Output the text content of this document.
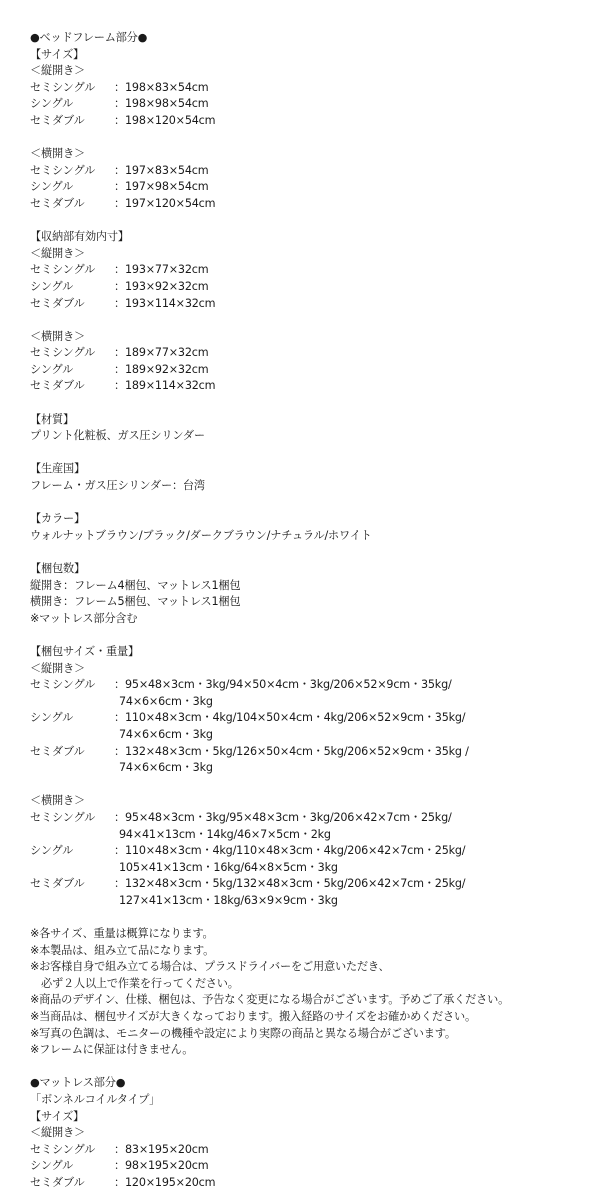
●ベッドフレーム部分●
【サイズ】
＜縦開き＞
セミシングル	：198×83×54cm
シングル	：198×98×54cm
セミダブル	：198×120×54cm
＜横開き＞
セミシングル	：197×83×54cm
シングル	：197×98×54cm
セミダブル	：197×120×54cm
【収納部有効内寸】
＜縦開き＞
セミシングル	：193×77×32cm
シングル	：193×92×32cm
セミダブル	：193×114×32cm
＜横開き＞
セミシングル	：189×77×32cm
シングル	：189×92×32cm
セミダブル	：189×114×32cm
【材質】
プリント化粧板、ガス圧シリンダー
【生産国】
フレーム・ガス圧シリンダー：台湾
【カラー】
ウォルナットブラウン/ブラック/ダークブラウン/ナチュラル/ホワイト
【梱包数】
縦開き：フレーム4梱包、マットレス1梱包
横開き：フレーム5梱包、マットレス1梱包
※マットレス部分含む
【梱包サイズ・重量】
＜縦開き＞
セミシングル	：95×48×3cm・3kg/94×50×4cm・3kg/206×52×9cm・35kg/
74×6×6cm・3kg
シングル	：110×48×3cm・4kg/104×50×4cm・4kg/206×52×9cm・35kg/
74×6×6cm・3kg
セミダブル	：132×48×3cm・5kg/126×50×4cm・5kg/206×52×9cm・35kg /
74×6×6cm・3kg
＜横開き＞
セミシングル	：95×48×3cm・3kg/95×48×3cm・3kg/206×42×7cm・25kg/
94×41×13cm・14kg/46×7×5cm・2kg
シングル	：110×48×3cm・4kg/110×48×3cm・4kg/206×42×7cm・25kg/
105×41×13cm・16kg/64×8×5cm・3kg
セミダブル	：132×48×3cm・5kg/132×48×3cm・5kg/206×42×7cm・25kg/
127×41×13cm・18kg/63×9×9cm・3kg
※各サイズ、重量は概算になります。
※本製品は、組み立て品になります。
※お客様自身で組み立てる場合は、プラスドライバーをご用意いただき、
　必ず２人以上で作業を行ってください。
※商品のデザイン、仕様、梱包は、予告なく変更になる場合がございます。予めご了承ください。
※当商品は、梱包サイズが大きくなっております。搬入経路のサイズをお確かめください。
※写真の色調は、モニターの機種や設定により実際の商品と異なる場合がございます。
※フレームに保証は付きません。
●マットレス部分●
「ボンネルコイルタイプ」
【サイズ】
＜縦開き＞
セミシングル	：83×195×20cm
シングル	：98×195×20cm
セミダブル	：120×195×20cm
